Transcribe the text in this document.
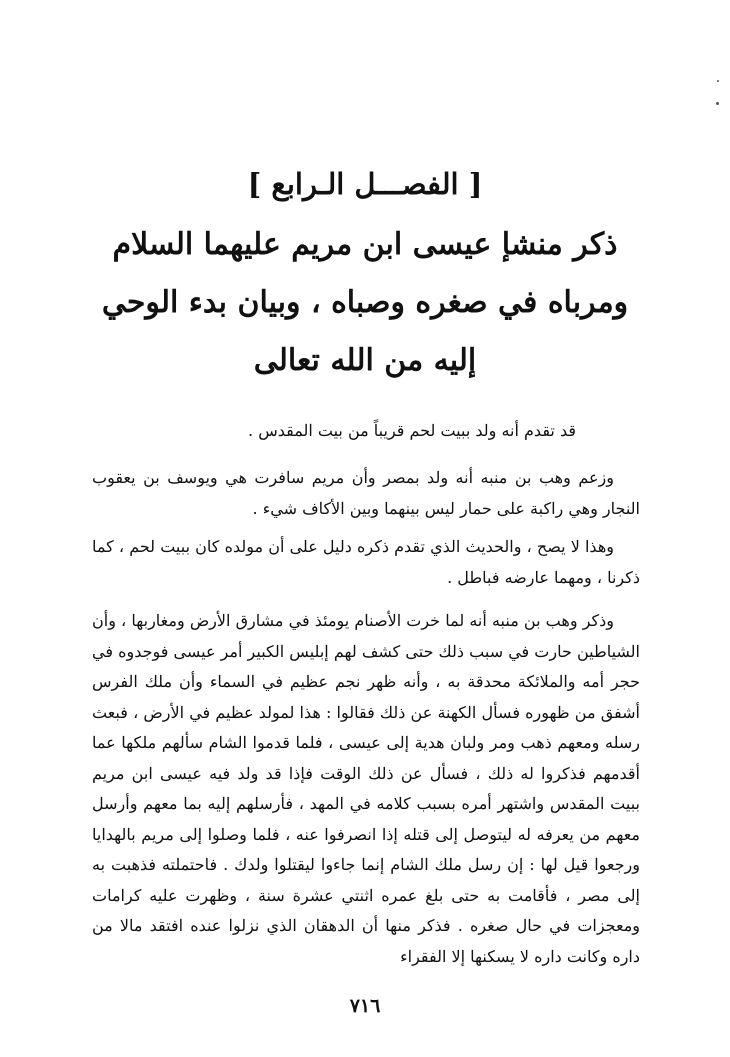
[ الفصـــل الـرابع ]
ذكر منشإ عيسى ابن مريم عليهما السلام
ومرباه في صغره وصباه ، وبيان بدء الوحي
إليه من الله تعالى

قد تقدم أنه ولد ببيت لحم قريباً من بيت المقدس .

وزعم وهب بن منبه أنه ولد بمصر وأن مريم سافرت هي ويوسف بن يعقوب النجار وهي راكبة على حمار ليس بينهما وبين الأكاف شيء .

وهذا لا يصح ، والحديث الذي تقدم ذكره دليل على أن مولده كان ببيت لحم ، كما ذكرنا ، ومهما عارضه فباطل .

وذكر وهب بن منبه أنه لما خرت الأصنام يومئذ في مشارق الأرض ومغاربها ، وأن الشياطين حارت في سبب ذلك حتى كشف لهم إبليس الكبير أمر عيسى فوجدوه في حجر أمه والملائكة محدقة به ، وأنه ظهر نجم عظيم في السماء وأن ملك الفرس أشفق من ظهوره فسأل الكهنة عن ذلك فقالوا : هذا لمولد عظيم في الأرض ، فبعث رسله ومعهم ذهب ومر ولبان هدية إلى عيسى ، فلما قدموا الشام سألهم ملكها عما أقدمهم فذكروا له ذلك ، فسأل عن ذلك الوقت فإذا قد ولد فيه عيسى ابن مريم ببيت المقدس واشتهر أمره بسبب كلامه في المهد ، فأرسلهم إليه بما معهم وأرسل معهم من يعرفه له ليتوصل إلى قتله إذا انصرفوا عنه ، فلما وصلوا إلى مريم بالهدايا ورجعوا قيل لها : إن رسل ملك الشام إنما جاءوا ليقتلوا ولدك . فاحتملته فذهبت به إلى مصر ، فأقامت به حتى بلغ عمره اثنتي عشرة سنة ، وظهرت عليه كرامات ومعجزات في حال صغره . فذكر منها أن الدهقان الذي نزلوا عنده افتقد مالا من داره وكانت داره لا يسكنها إلا الفقراء

٧١٦
